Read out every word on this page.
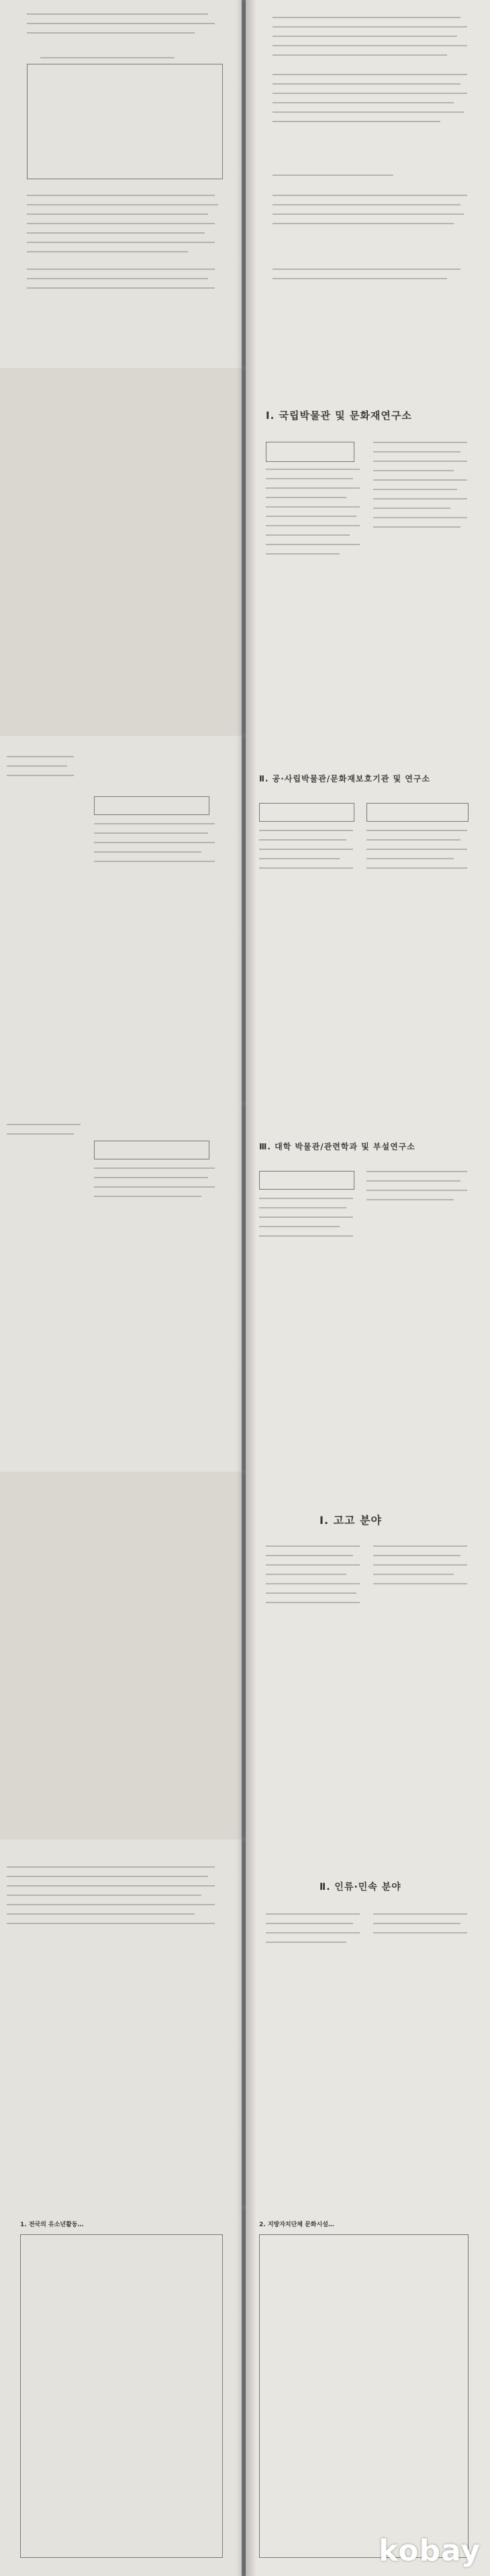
Ⅰ. 국립박물관 및 문화재연구소
Ⅱ. 공·사립박물관/문화재보호기관 및 연구소
Ⅲ. 대학 박물관/관련학과 및 부설연구소
Ⅰ. 고고 분야
Ⅱ. 인류·민속 분야
1. 전국의 유소년활동…	2. 지방자치단체 문화시설…
kobay
